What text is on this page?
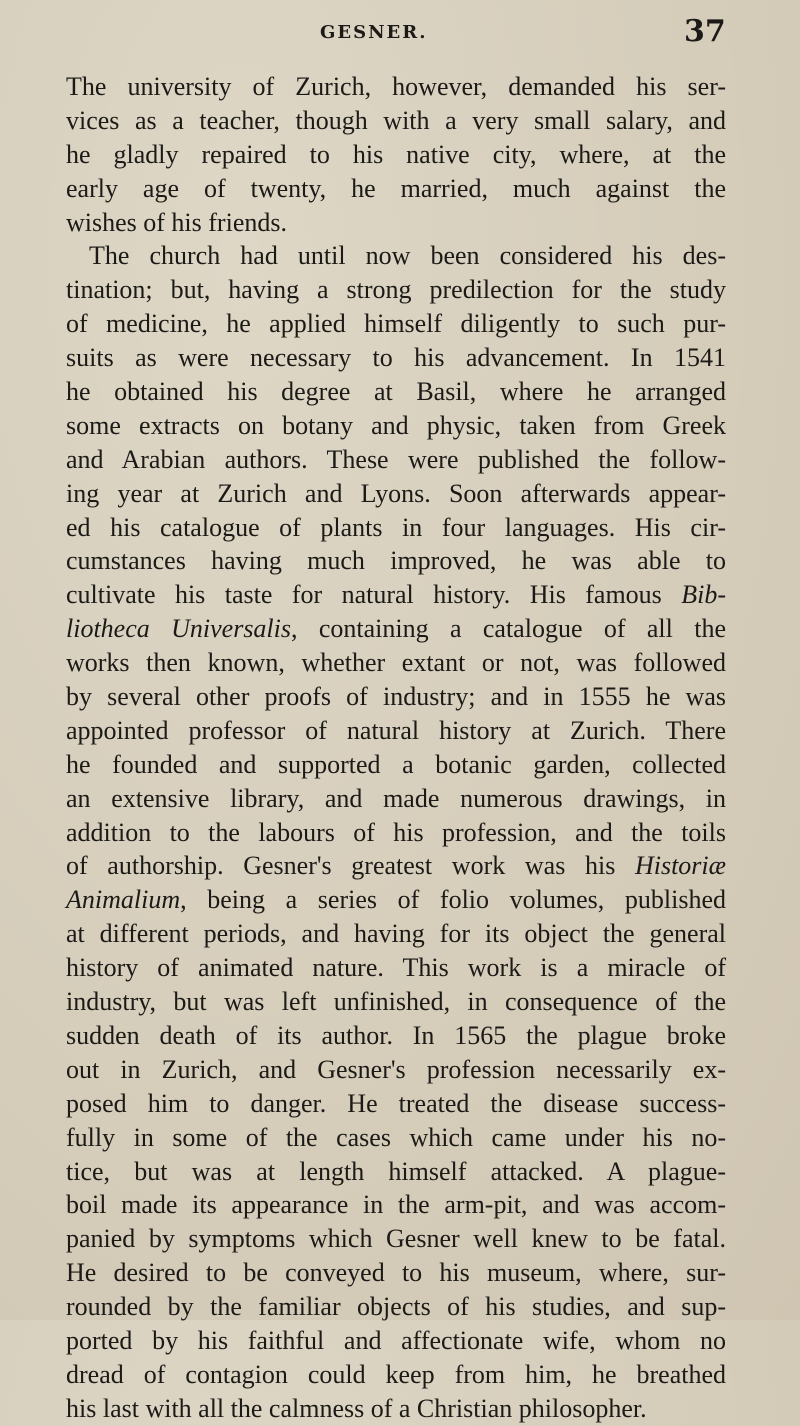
GESNER.	37
The university of Zurich, however, demanded his ser-
vices as a teacher, though with a very small salary, and
he gladly repaired to his native city, where, at the
early age of twenty, he married, much against the
wishes of his friends.
The church had until now been considered his des-
tination; but, having a strong predilection for the study
of medicine, he applied himself diligently to such pur-
suits as were necessary to his advancement. In 1541
he obtained his degree at Basil, where he arranged
some extracts on botany and physic, taken from Greek
and Arabian authors. These were published the follow-
ing year at Zurich and Lyons. Soon afterwards appear-
ed his catalogue of plants in four languages. His cir-
cumstances having much improved, he was able to
cultivate his taste for natural history. His famous Bib-
liotheca Universalis, containing a catalogue of all the
works then known, whether extant or not, was followed
by several other proofs of industry; and in 1555 he was
appointed professor of natural history at Zurich. There
he founded and supported a botanic garden, collected
an extensive library, and made numerous drawings, in
addition to the labours of his profession, and the toils
of authorship. Gesner's greatest work was his Historiæ
Animalium, being a series of folio volumes, published
at different periods, and having for its object the general
history of animated nature. This work is a miracle of
industry, but was left unfinished, in consequence of the
sudden death of its author. In 1565 the plague broke
out in Zurich, and Gesner's profession necessarily ex-
posed him to danger. He treated the disease success-
fully in some of the cases which came under his no-
tice, but was at length himself attacked. A plague-
boil made its appearance in the arm-pit, and was accom-
panied by symptoms which Gesner well knew to be fatal.
He desired to be conveyed to his museum, where, sur-
rounded by the familiar objects of his studies, and sup-
ported by his faithful and affectionate wife, whom no
dread of contagion could keep from him, he breathed
his last with all the calmness of a Christian philosopher.
